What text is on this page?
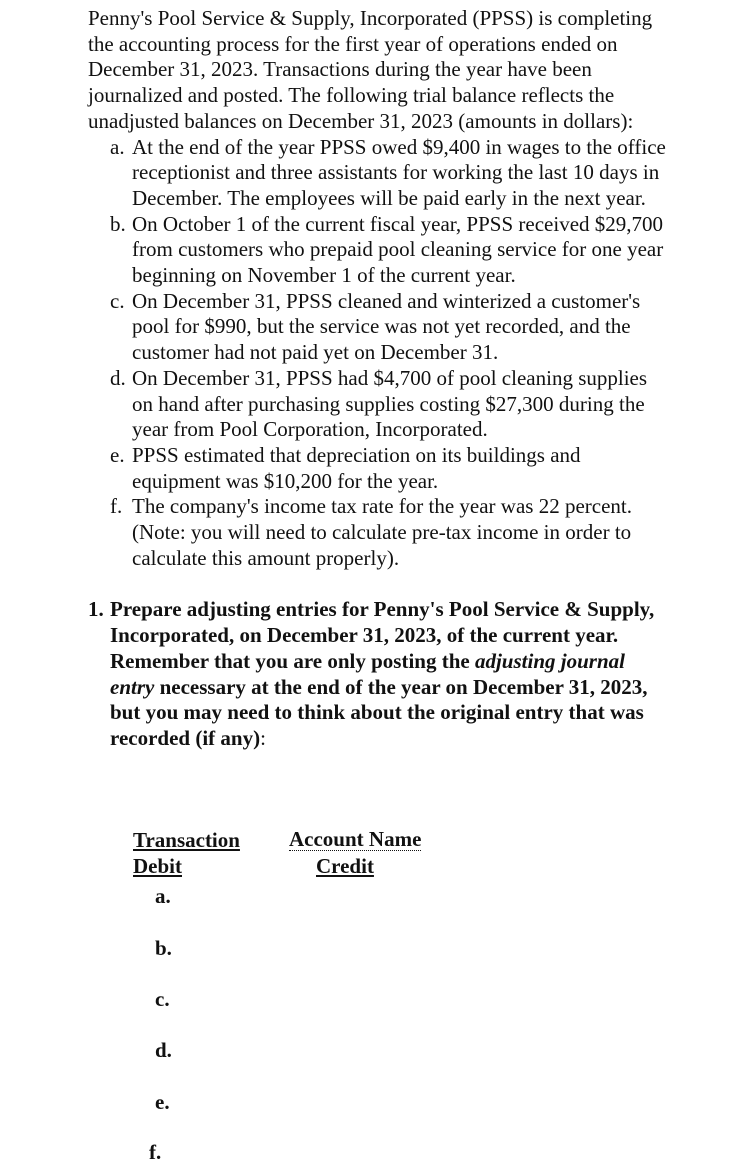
Penny's Pool Service & Supply, Incorporated (PPSS) is completing the accounting process for the first year of operations ended on December 31, 2023. Transactions during the year have been journalized and posted. The following trial balance reflects the unadjusted balances on December 31, 2023 (amounts in dollars):

a. At the end of the year PPSS owed $9,400 in wages to the office receptionist and three assistants for working the last 10 days in December. The employees will be paid early in the next year.
b. On October 1 of the current fiscal year, PPSS received $29,700 from customers who prepaid pool cleaning service for one year beginning on November 1 of the current year.
c. On December 31, PPSS cleaned and winterized a customer's pool for $990, but the service was not yet recorded, and the customer had not paid yet on December 31.
d. On December 31, PPSS had $4,700 of pool cleaning supplies on hand after purchasing supplies costing $27,300 during the year from Pool Corporation, Incorporated.
e. PPSS estimated that depreciation on its buildings and equipment was $10,200 for the year.
f. The company's income tax rate for the year was 22 percent. (Note: you will need to calculate pre-tax income in order to calculate this amount properly).
1. Prepare adjusting entries for Penny's Pool Service & Supply, Incorporated, on December 31, 2023, of the current year. Remember that you are only posting the adjusting journal entry necessary at the end of the year on December 31, 2023, but you may need to think about the original entry that was recorded (if any):
Transaction Account Name
Debit	Credit
a.
b.
c.
d.
e.
f.
